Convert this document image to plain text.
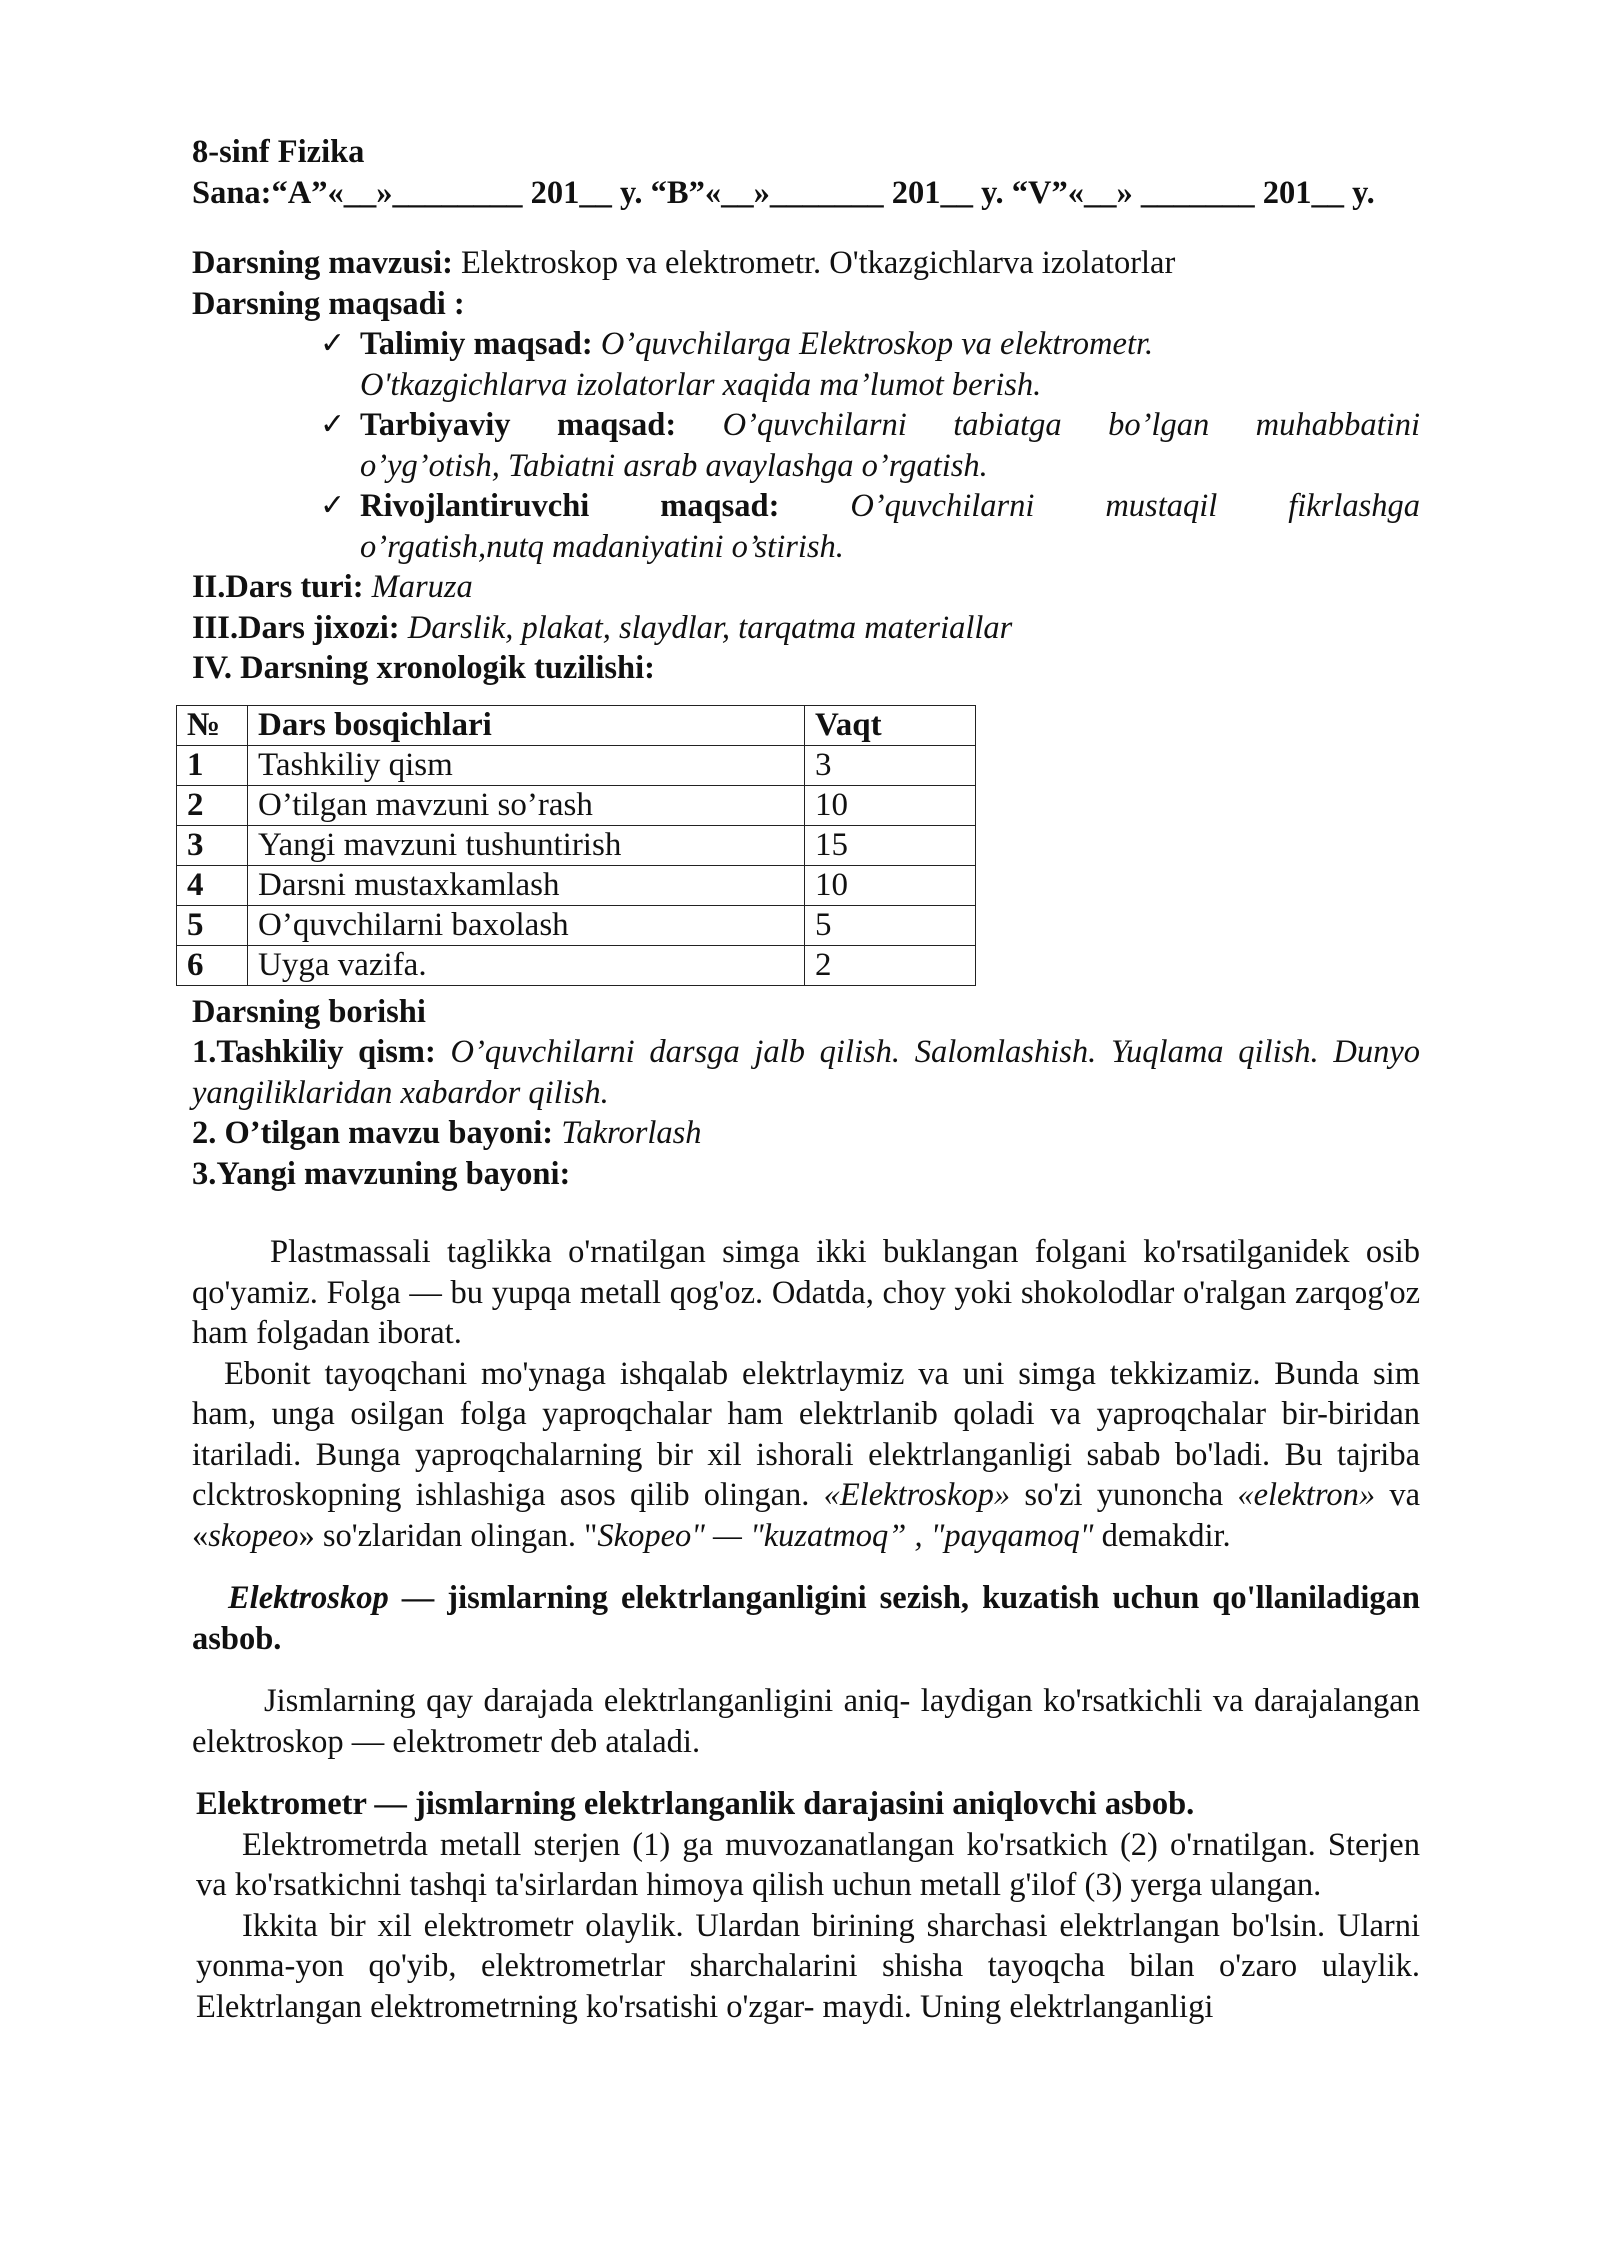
8-sinf Fizika
Sana:“A”«__»________ 201__ y. “B”«__»_______ 201__ y. “V”«__» _______ 201__ y.
Darsning mavzusi: Elektroskop va elektrometr. O'tkazgichlarva izolatorlar
Darsning maqsadi :
✓ Talimiy maqsad: O’quvchilarga Elektroskop va elektrometr.
O'tkazgichlarva izolatorlar xaqida ma’lumot berish.
✓ Tarbiyaviy maqsad: O’quvchilarni tabiatga bo’lgan muhabbatini
o’yg’otish, Tabiatni asrab avaylashga o’rgatish.
✓ Rivojlantiruvchi maqsad: O’quvchilarni mustaqil fikrlashga
o’rgatish,nutq madaniyatini o’stirish.
II.Dars turi: Maruza
III.Dars jixozi: Darslik, plakat, slaydlar, tarqatma materiallar
IV. Darsning xronologik tuzilishi:
№	Dars bosqichlari	Vaqt
1	Tashkiliy qism	3
2	O’tilgan mavzuni so’rash	10
3	Yangi mavzuni tushuntirish	15
4	Darsni mustaxkamlash	10
5	O’quvchilarni baxolash	5
6	Uyga vazifa.	2
Darsning borishi
1.Tashkiliy qism: O’quvchilarni darsga jalb qilish. Salomlashish. Yuqlama qilish. Dunyo yangiliklaridan xabardor qilish.
2. O’tilgan mavzu bayoni: Takrorlash
3.Yangi mavzuning bayoni:
Plastmassali taglikka o'rnatilgan simga ikki buklangan folgani ko'rsatilganidek osib qo'yamiz. Folga — bu yupqa metall qog'oz. Odatda, choy yoki shokolodlar o'ralgan zarqog'oz ham folgadan iborat.
Ebonit tayoqchani mo'ynaga ishqalab elektrlaymiz va uni simga tekkizamiz. Bunda sim ham, unga osilgan folga yaproqchalar ham elektrlanib qoladi va yaproqchalar bir-biridan itariladi. Bunga yaproqchalarning bir xil ishorali elektrlanganligi sabab bo'ladi. Bu tajriba clcktroskopning ishlashiga asos qilib olingan. «Elektroskop» so'zi yunoncha «elektron» va «skopeo» so'zlaridan olingan. "Skopeo" — "kuzatmoq” , "payqamoq" demakdir.
Elektroskop — jismlarning elektrlanganligini sezish, kuzatish uchun qo'llaniladigan asbob.
Jismlarning qay darajada elektrlanganligini aniq- laydigan ko'rsatkichli va darajalangan elektroskop — elektrometr deb ataladi.
Elektrometr — jismlarning elektrlanganlik darajasini aniqlovchi asbob.
Elektrometrda metall sterjen (1) ga muvozanatlangan ko'rsatkich (2) o'rnatilgan. Sterjen va ko'rsatkichni tashqi ta'sirlardan himoya qilish uchun metall g'ilof (3) yerga ulangan.
Ikkita bir xil elektrometr olaylik. Ulardan birining sharchasi elektrlangan bo'lsin. Ularni yonma-yon qo'yib, elektrometrlar sharchalarini shisha tayoqcha bilan o'zaro ulaylik. Elektrlangan elektrometrning ko'rsatishi o'zgar- maydi. Uning elektrlanganligi
